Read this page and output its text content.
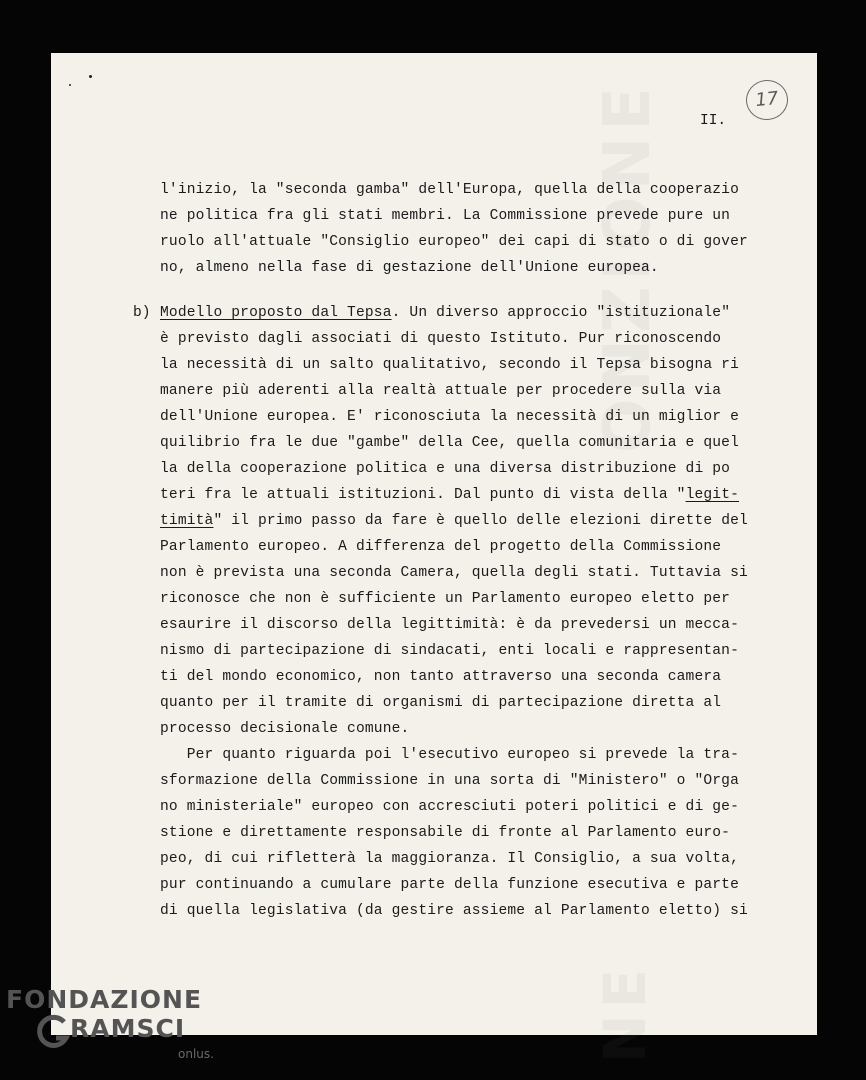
ONZIONE
NE
II.
17
l'inizio, la "seconda gamba" dell'Europa, quella della cooperazio
ne politica fra gli stati membri. La Commissione prevede pure un
ruolo all'attuale "Consiglio europeo" dei capi di stato o di gover
no, almeno nella fase di gestazione dell'Unione europea.
b) Modello proposto dal Tepsa. Un diverso approccio "istituzionale"
è previsto dagli associati di questo Istituto. Pur riconoscendo
la necessità di un salto qualitativo, secondo il Tepsa bisogna ri
manere più aderenti alla realtà attuale per procedere sulla via
dell'Unione europea. E' riconosciuta la necessità di un miglior e
quilibrio fra le due "gambe" della Cee, quella comunitaria e quel
la della cooperazione politica e una diversa distribuzione di po
teri fra le attuali istituzioni. Dal punto di vista della "legit-
timità" il primo passo da fare è quello delle elezioni dirette del
Parlamento europeo. A differenza del progetto della Commissione
non è prevista una seconda Camera, quella degli stati. Tuttavia si
riconosce che non è sufficiente un Parlamento europeo eletto per
esaurire il discorso della legittimità: è da prevedersi un mecca-
nismo di partecipazione di sindacati, enti locali e rappresentan-
ti del mondo economico, non tanto attraverso una seconda camera
quanto per il tramite di organismi di partecipazione diretta al
processo decisionale comune.
Per quanto riguarda poi l'esecutivo europeo si prevede la tra-
sformazione della Commissione in una sorta di "Ministero" o "Orga
no ministeriale" europeo con accresciuti poteri politici e di ge-
stione e direttamente responsabile di fronte al Parlamento euro-
peo, di cui rifletterà la maggioranza. Il Consiglio, a sua volta,
pur continuando a cumulare parte della funzione esecutiva e parte
di quella legislativa (da gestire assieme al Parlamento eletto) si
FONDAZIONE
RAMSCI
onlus.
